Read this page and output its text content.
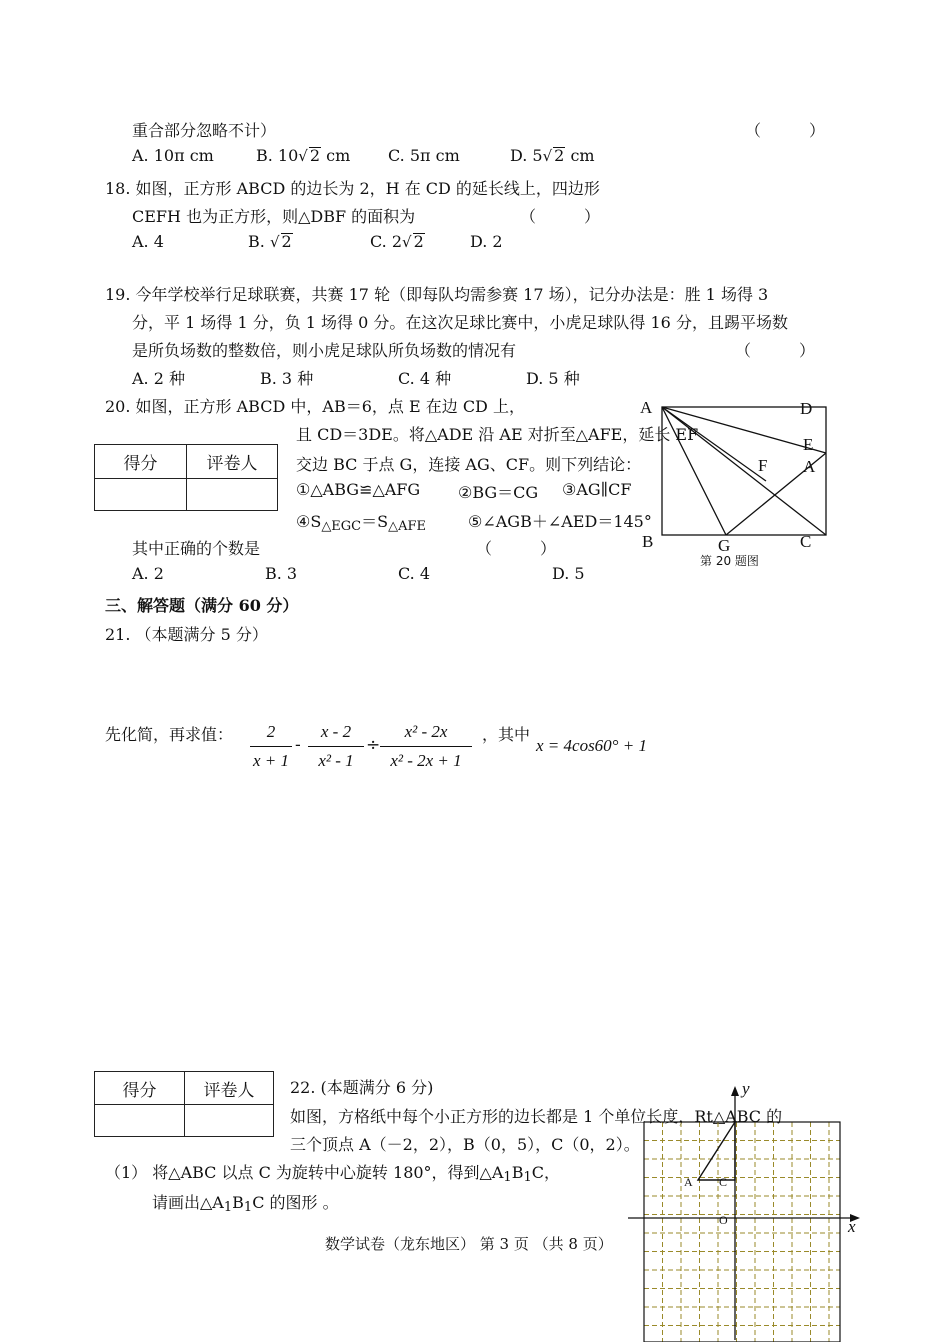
重合部分忽略不计）	（　　　）
A. 10π cm	B. 10√ 2 cm C. 5π cm	D. 5√ 2 cm
18. 如图，正方形 ABCD 的边长为 2，H 在 CD 的延长线上，四边形
CEFH 也为正方形，则△DBF 的面积为	（　　　）
A. 4	B. √ 2	C. 2√ 2	D. 2
19. 今年学校举行足球联赛，共赛 17 轮（即每队均需参赛 17 场），记分办法是：胜 1 场得 3
分，平 1 场得 1 分，负 1 场得 0 分。在这次足球比赛中，小虎足球队得 16 分，且踢平场数
是所负场数的整数倍，则小虎足球队所负场数的情况有	（　　　）
A. 2 种	B. 3 种	C. 4 种	D. 5 种
20. 如图，正方形 ABCD 中，AB＝6，点 E 在边 CD 上，
得分	评卷人

且 CD＝3DE。将△ADE 沿 AE 对折至△AFE，延长 EF
交边 BC 于点 G，连接 AG、CF。则下列结论：
①△ABG≌△AFG ②BG＝CG ③AG∥CF
④S△EGC＝S△AFE	⑤∠AGB＋∠AED＝145°
其中正确的个数是	（　　　）
A. 2	B. 3	C. 4	D. 5
A	D
E
A
F
B	G	C
第 20 题图
三、解答题（满分 60 分）
21. （本题满分 5 分）
先化简，再求值： $\frac{2}{x + 1} - \frac{x - 2}{\text{x² - 1}} \div \frac{\text{x² - 2x}}{\text{x² - 2x + 1}}$ ，其中
x = 4cos60° + 1
得分	评卷人
	22. (本题满分 6 分)
如图，方格纸中每个小正方形的边长都是 1 个单位长度，Rt△ABC 的
三个顶点 A（－2，2），B（0，5），C（0，2）。
（1） 将△ABC 以点 C 为旋转中心旋转 180°，得到△A1B1C，
请画出△A1B1C 的图形 。
x
y
O
A C
数学试卷（龙东地区） 第 3 页 （共 8 页）
